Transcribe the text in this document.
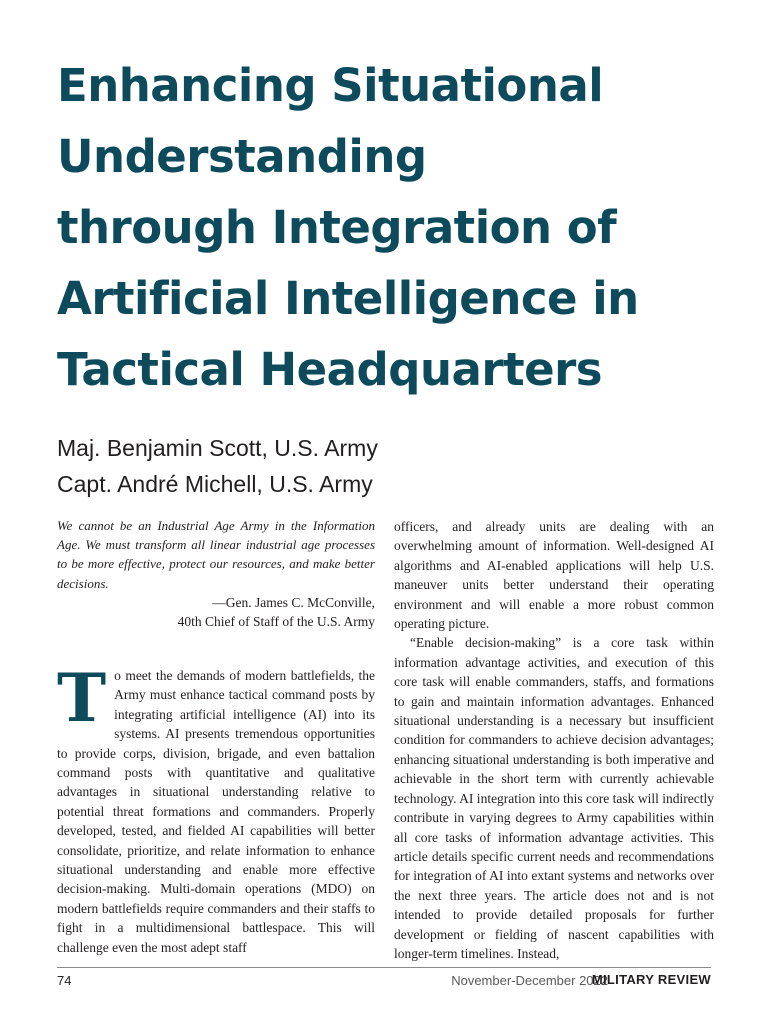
Enhancing Situational
Understanding
through Integration of
Artificial Intelligence in
Tactical Headquarters
Maj. Benjamin Scott, U.S. Army
Capt. André Michell, U.S. Army

We cannot be an Industrial Age Army in the Information Age. We must transform all linear industrial age processes to be more effective, protect our resources, and make better decisions.

—Gen. James C. McConville,
40th Chief of Staff of the U.S. Army

T o meet the demands of modern battlefields, the Army must enhance tactical command posts by integrating artificial intelligence (AI) into its systems. AI presents tremendous opportunities to provide corps, division, brigade, and even battalion command posts with quantitative and qualitative advantages in situational understanding relative to potential threat formations and commanders. Properly developed, tested, and fielded AI capabilities will better consolidate, prioritize, and relate information to enhance situational understanding and enable more effective decision-making. Multi-domain operations (MDO) on modern battlefields require commanders and their staffs to fight in a multidimensional battlespace. This will challenge even the most adept staff

officers, and already units are dealing with an overwhelming amount of information. Well-designed AI algorithms and AI-enabled applications will help U.S. maneuver units better understand their operating environment and will enable a more robust common operating picture.

“Enable decision-making” is a core task within information advantage activities, and execution of this core task will enable commanders, staffs, and formations to gain and maintain information advantages. Enhanced situational understanding is a necessary but insufficient condition for commanders to achieve decision advantages; enhancing situational understanding is both imperative and achievable in the short term with currently achievable technology. AI integration into this core task will indirectly contribute in varying degrees to Army capabilities within all core tasks of information advantage activities. This article details specific current needs and recommendations for integration of AI into extant systems and networks over the next three years. The article does not and is not intended to provide detailed proposals for further development or fielding of nascent capabilities with longer-term timelines. Instead,

74	November-December 2022
MILITARY REVIEW
